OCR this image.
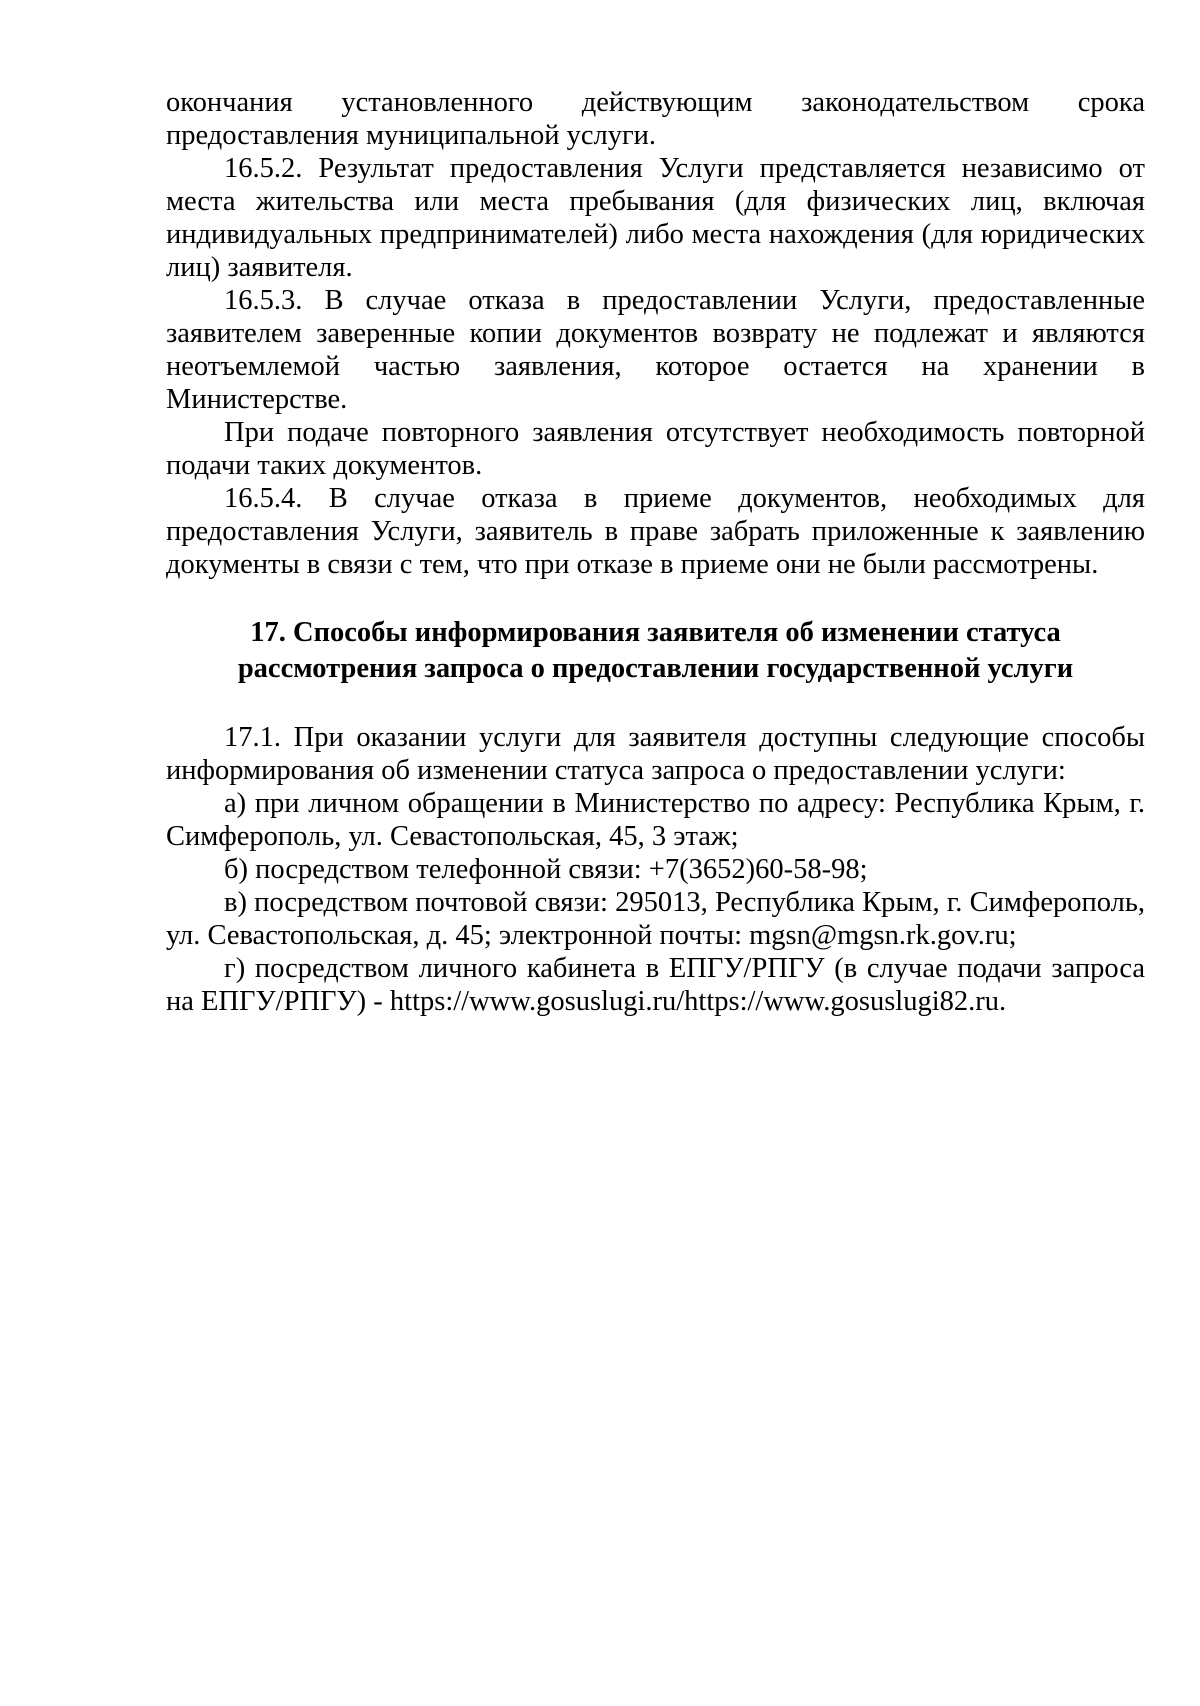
окончания установленного действующим законодательством срока
предоставления муниципальной услуги.

16.5.2. Результат предоставления Услуги представляется независимо от места жительства или места пребывания (для физических лиц, включая индивидуальных предпринимателей) либо места нахождения (для юридических лиц) заявителя.

16.5.3. В случае отказа в предоставлении Услуги, предоставленные заявителем заверенные копии документов возврату не подлежат и являются неотъемлемой частью заявления, которое остается на хранении в Министерстве.

При подаче повторного заявления отсутствует необходимость повторной подачи таких документов.

16.5.4. В случае отказа в приеме документов, необходимых для предоставления Услуги, заявитель в праве забрать приложенные к заявлению документы в связи с тем, что при отказе в приеме они не были рассмотрены.

17. Способы информирования заявителя об изменении статуса
рассмотрения запроса о предоставлении государственной услуги

17.1. При оказании услуги для заявителя доступны следующие способы информирования об изменении статуса запроса о предоставлении услуги:

а) при личном обращении в Министерство по адресу: Республика Крым, г. Симферополь, ул. Севастопольская, 45, 3 этаж;

б) посредством телефонной связи: +7(3652)60-58-98;

в) посредством почтовой связи: 295013, Республика Крым, г. Симферополь, ул. Севастопольская, д. 45; электронной почты: mgsn@mgsn.rk.gov.ru;

г) посредством личного кабинета в ЕПГУ/РПГУ (в случае подачи запроса на ЕПГУ/РПГУ) - https://www.gosuslugi.ru/https://www.gosuslugi82.ru.
